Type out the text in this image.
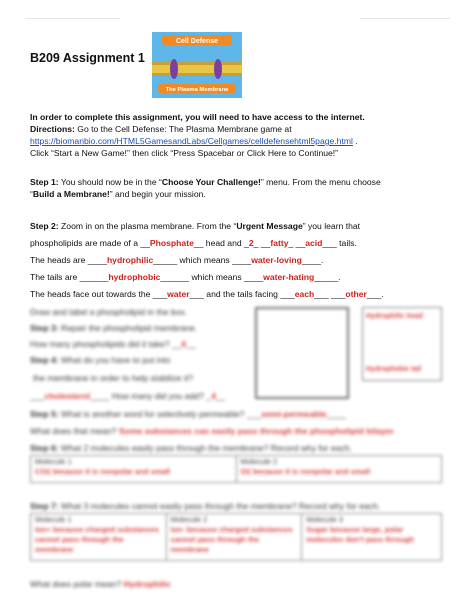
B209 Assignment 1
Cell Defense
The Plasma Membrane
In order to complete this assignment, you will need to have access to the internet.
Directions: Go to the Cell Defense: The Plasma Membrane game at
https://biomanbio.com/HTML5GamesandLabs/Cellgames/celldefensehtml5page.html .
Click “Start a New Game!” then click “Press Spacebar or Click Here to Continue!”
Step 1: You should now be in the “Choose Your Challenge!” menu. From the menu choose
“Build a Membrane!” and begin your mission.
Step 2: Zoom in on the plasma membrane. From the “Urgent Message” you learn that
phospholipids are made of a __Phosphate__ head and _2_ __fatty_ __acid___ tails.
The heads are ____hydrophilic_____ which means ____water-loving____.
The tails are ______hydrophobic______ which means ____water-hating_____.
The heads face out towards the ___water___ and the tails facing ___each___ ___other___.
Draw and label a phospholipid in the box.
Step 3: Repair the phospholipid membrane.
How many phospholipids did it take? __6__
Step 4: What do you have to put into
the membrane in order to help stabilize it?
___cholesterol____ How many did you add? _4__
Hydrophilic head
Hydrophobic tail
Step 5: What is another word for selectively permeable? ___semi-permeable____
What does that mean? Some substances can easily pass through the phospholipid bilayer
Step 6: What 2 molecules easily pass through the membrane? Record why for each.
Molecule 1
CO2 because it is nonpolar and small

Molecule 2
O2 because it is nonpolar and small
Step 7: What 3 molecules cannot easily pass through the membrane? Record why for each.
Molecule 1
Ion+ because charged substances cannot pass through the membrane

Molecule 2
Ion- because charged substances cannot pass through the membrane

Molecule 3
Sugar because large, polar molecules don't pass through
What does polar mean? Hydrophilic
